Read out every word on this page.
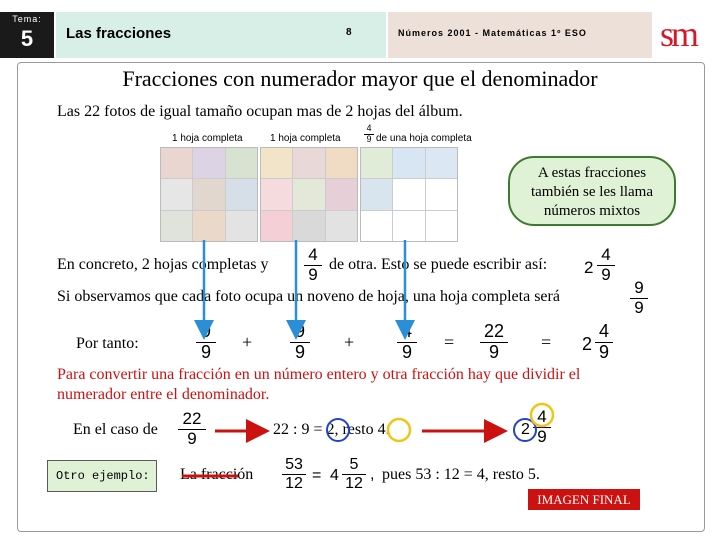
Tema:
5	Las fracciones	8	Números 2001 - Matemáticas 1º ESO sm
Fracciones con numerador mayor que el denominador
Las 22 fotos de igual tamaño ocupan mas de 2 hojas del álbum.
1 hoja completa	1 hoja completa	$\frac{4}{9}$ de una hoja completa
A estas fracciones
también se les llama
números mixtos
En concreto, 2 hojas completas y $\frac{4}{9}$ de otra. Esto se puede escribir así: $2 \frac{4}{9}$
Si observamos que cada foto ocupa un noveno de hoja, una hoja completa será	$\frac{9}{9}$
Por tanto:	$\frac{9}{9} + \frac{9}{9} + \frac{4}{9} = \frac{22}{9} = 2 \frac{4}{9}$
Para convertir una fracción en un número entero y otra fracción hay que dividir el
numerador entre el denominador.
En el caso de $\frac{22}{9}$	22 : 9 = 2, resto 4.	$2 \frac{4}{9}$
Otro ejemplo:	La fracción $\frac{53}{12} = 4 \frac{5}{12}$ , pues 53 : 12 = 4, resto 5.
IMAGEN FINAL
